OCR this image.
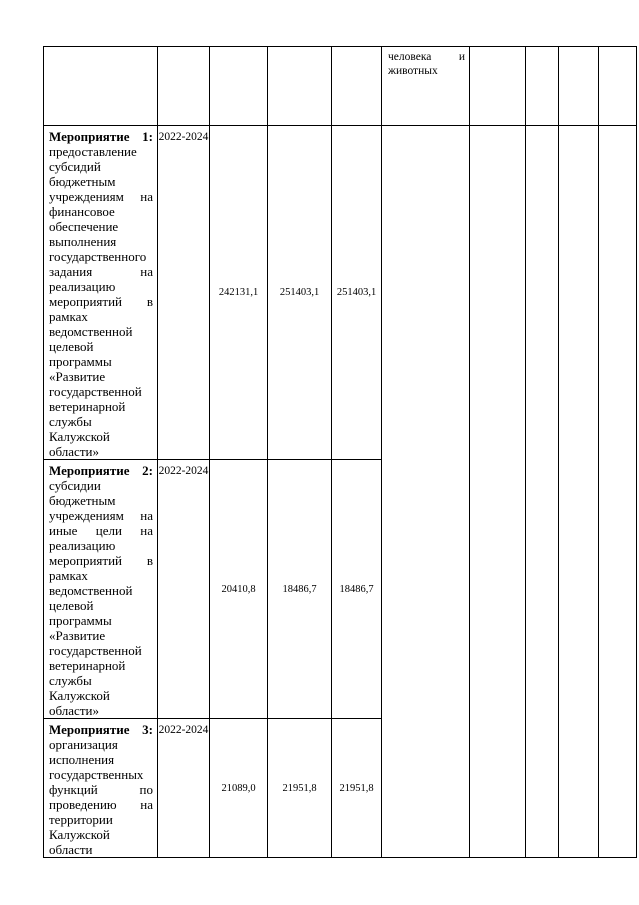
					человека и
животных				

Мероприятие 1: предоставление субсидий бюджетным учреждениям на финансовое обеспечение выполнения государственного задания на реализацию мероприятий в рамках ведомственной целевой программы «Развитие государственной ветеринарной службы Калужской области»	2022-2024	242131,1	251403,1	251403,1					
Мероприятие 2: субсидии бюджетным учреждениям на иные цели на реализацию мероприятий в рамках ведомственной целевой программы «Развитие государственной ветеринарной службы Калужской области»	2022-2024	20410,8	18486,7	18486,7					
Мероприятие 3: организация исполнения государственных функций по проведению на территории Калужской области	2022-2024	21089,0	21951,8	21951,8					
